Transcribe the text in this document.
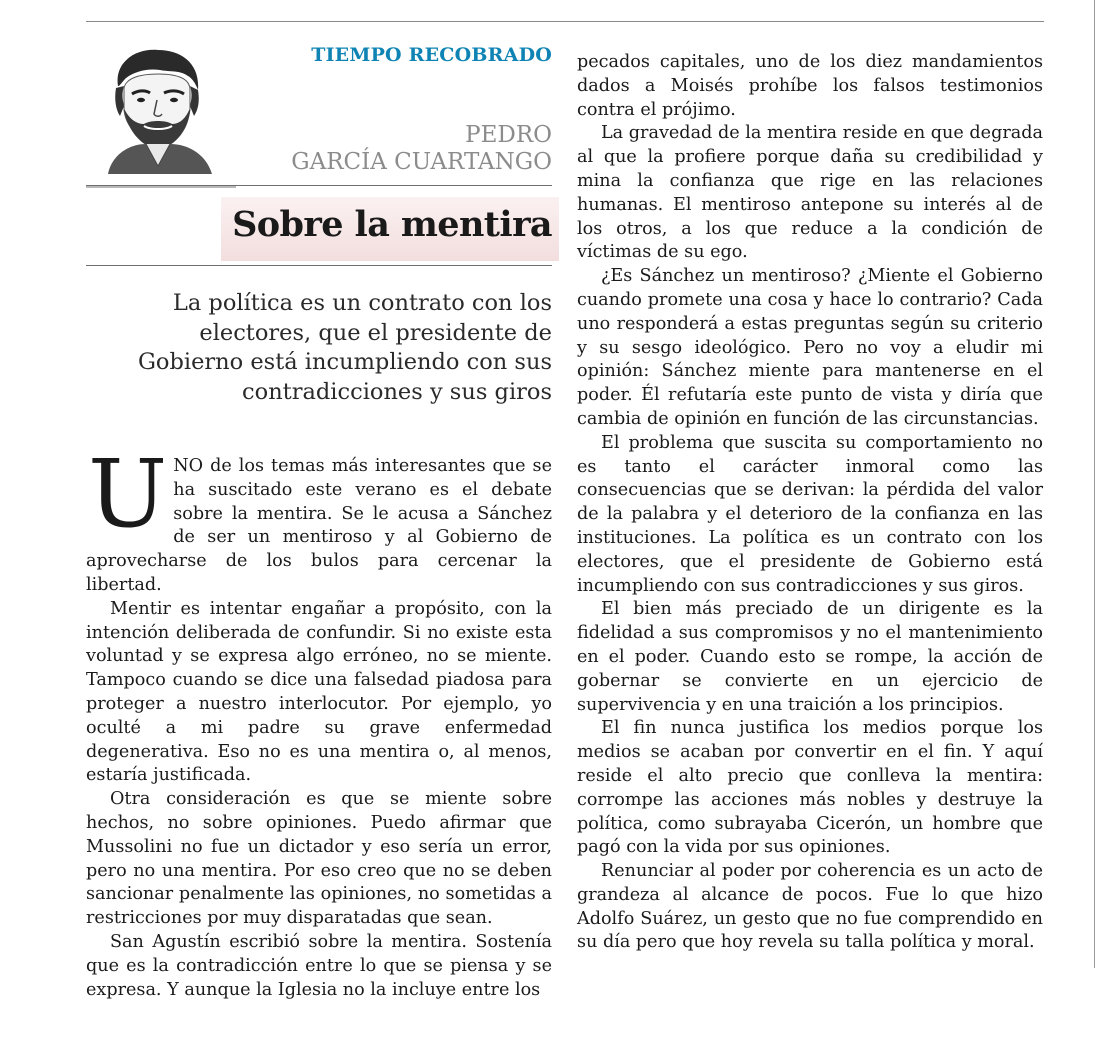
TIEMPO RECOBRADO
PEDRO
GARCÍA CUARTANGO
Sobre la mentira
La política es un contrato con los electores, que el presidente de Gobierno está incumpliendo con sus contradicciones y sus giros

UNO de los temas más interesantes que se ha suscitado este verano es el debate sobre la mentira. Se le acusa a Sánchez de ser un mentiroso y al Gobierno de aprovecharse de los bulos para cercenar la libertad.

Mentir es intentar engañar a propósito, con la intención deliberada de confundir. Si no existe esta voluntad y se expresa algo erróneo, no se miente. Tampoco cuando se dice una falsedad piadosa para proteger a nuestro interlocutor. Por ejemplo, yo oculté a mi padre su grave enfermedad degenerativa. Eso no es una mentira o, al menos, estaría justificada.

Otra consideración es que se miente sobre hechos, no sobre opiniones. Puedo afirmar que Mussolini no fue un dictador y eso sería un error, pero no una mentira. Por eso creo que no se deben sancionar penalmente las opiniones, no sometidas a restricciones por muy disparatadas que sean.

San Agustín escribió sobre la mentira. Sostenía que es la contradicción entre lo que se piensa y se expresa. Y aunque la Iglesia no la incluye entre los

pecados capitales, uno de los diez mandamientos dados a Moisés prohíbe los falsos testimonios contra el prójimo.

La gravedad de la mentira reside en que degrada al que la profiere porque daña su credibilidad y mina la confianza que rige en las relaciones humanas. El mentiroso antepone su interés al de los otros, a los que reduce a la condición de víctimas de su ego.

¿Es Sánchez un mentiroso? ¿Miente el Gobierno cuando promete una cosa y hace lo contrario? Cada uno responderá a estas preguntas según su criterio y su sesgo ideológico. Pero no voy a eludir mi opinión: Sánchez miente para mantenerse en el poder. Él refutaría este punto de vista y diría que cambia de opinión en función de las circunstancias.

El problema que suscita su comportamiento no es tanto el carácter inmoral como las consecuencias que se derivan: la pérdida del valor de la palabra y el deterioro de la confianza en las instituciones. La política es un contrato con los electores, que el presidente de Gobierno está incumpliendo con sus contradicciones y sus giros.

El bien más preciado de un dirigente es la fidelidad a sus compromisos y no el mantenimiento en el poder. Cuando esto se rompe, la acción de gobernar se convierte en un ejercicio de supervivencia y en una traición a los principios.

El fin nunca justifica los medios porque los medios se acaban por convertir en el fin. Y aquí reside el alto precio que conlleva la mentira: corrompe las acciones más nobles y destruye la política, como subrayaba Cicerón, un hombre que pagó con la vida por sus opiniones.

Renunciar al poder por coherencia es un acto de grandeza al alcance de pocos. Fue lo que hizo Adolfo Suárez, un gesto que no fue comprendido en su día pero que hoy revela su talla política y moral.
